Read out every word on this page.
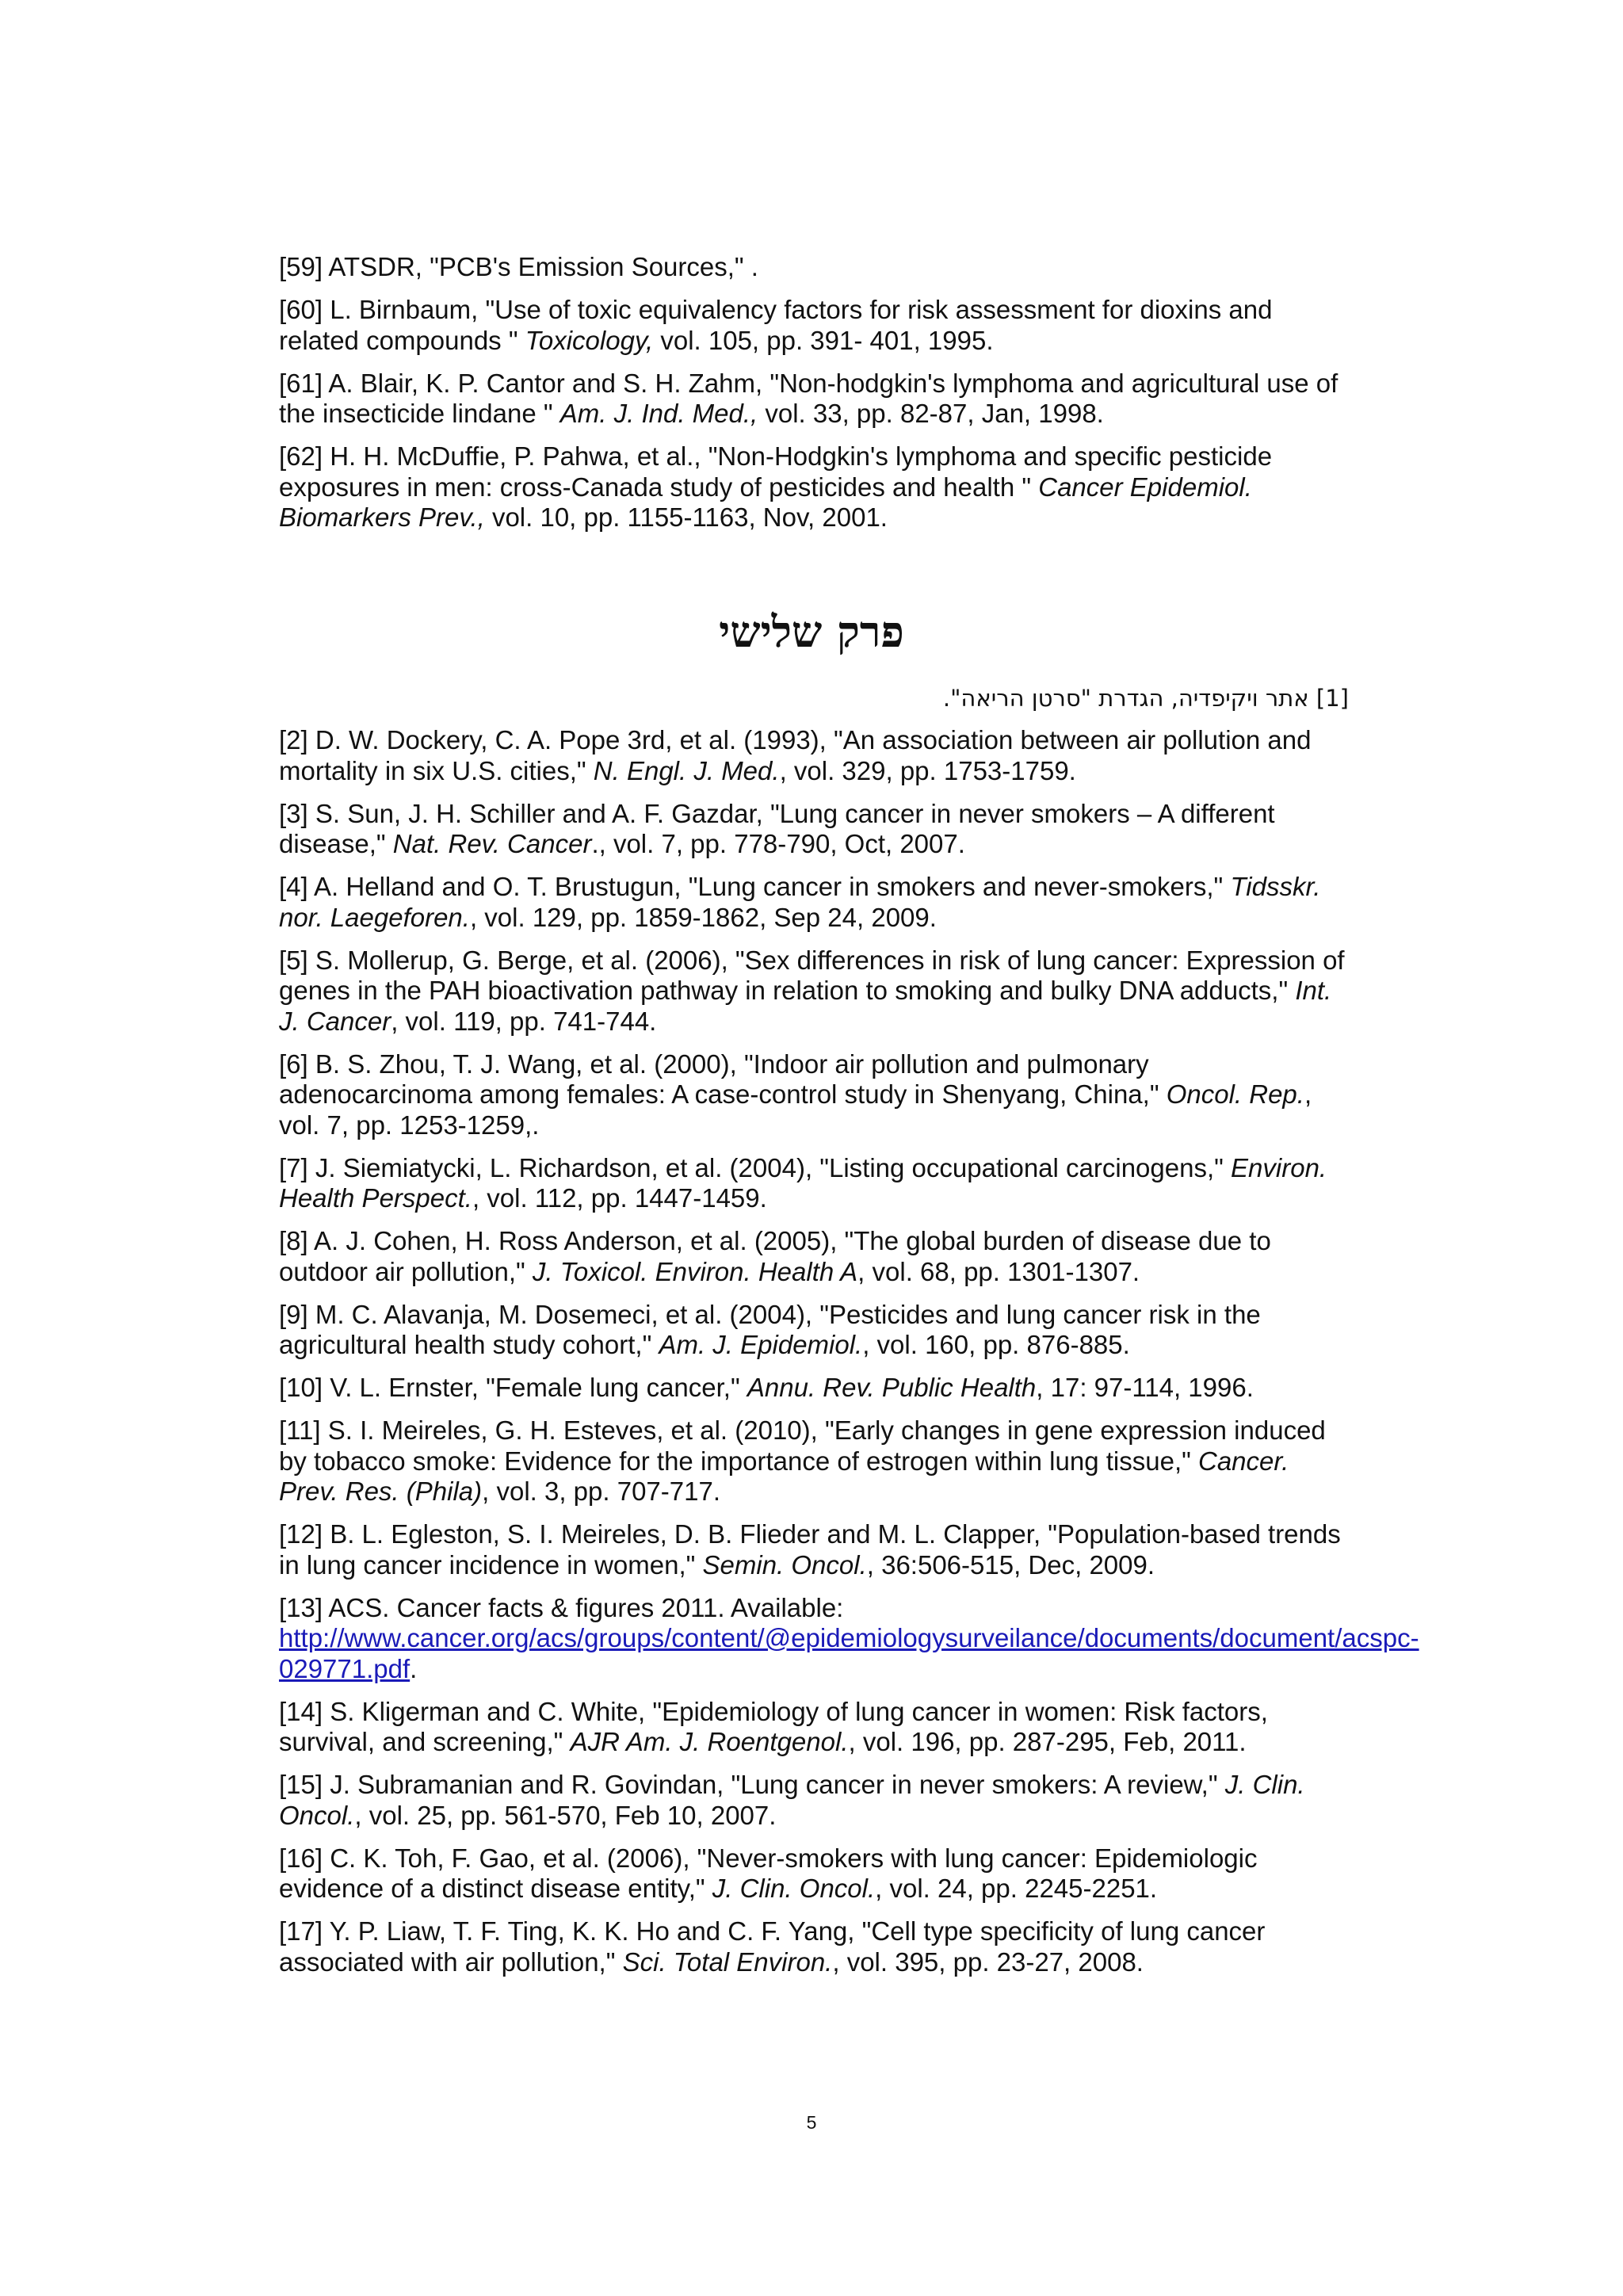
[59] ATSDR, "PCB's Emission Sources," .

[60] L. Birnbaum, "Use of toxic equivalency factors for risk assessment for dioxins and related compounds " Toxicology, vol. 105, pp. 391- 401, 1995.

[61] A. Blair, K. P. Cantor and S. H. Zahm, "Non-hodgkin's lymphoma and agricultural use of the insecticide lindane " Am. J. Ind. Med., vol. 33, pp. 82-87, Jan, 1998.

[62] H. H. McDuffie, P. Pahwa, et al., "Non-Hodgkin's lymphoma and specific pesticide exposures in men: cross-Canada study of pesticides and health " Cancer Epidemiol. Biomarkers Prev., vol. 10, pp. 1155-1163, Nov, 2001.

פרק שלישי
[1] אתר ויקיפדיה, הגדרת "סרטן הריאה".

[2] D. W. Dockery, C. A. Pope 3rd, et al. (1993), "An association between air pollution and mortality in six U.S. cities," N. Engl. J. Med., vol. 329, pp. 1753-1759.

[3] S. Sun, J. H. Schiller and A. F. Gazdar, "Lung cancer in never smokers – A different disease," Nat. Rev. Cancer., vol. 7, pp. 778-790, Oct, 2007.

[4] A. Helland and O. T. Brustugun, "Lung cancer in smokers and never-smokers," Tidsskr. nor. Laegeforen., vol. 129, pp. 1859-1862, Sep 24, 2009.

[5] S. Mollerup, G. Berge, et al. (2006), "Sex differences in risk of lung cancer: Expression of genes in the PAH bioactivation pathway in relation to smoking and bulky DNA adducts," Int. J. Cancer, vol. 119, pp. 741-744.

[6] B. S. Zhou, T. J. Wang, et al. (2000), "Indoor air pollution and pulmonary adenocarcinoma among females: A case-control study in Shenyang, China," Oncol. Rep., vol. 7, pp. 1253-1259,.

[7] J. Siemiatycki, L. Richardson, et al. (2004), "Listing occupational carcinogens," Environ. Health Perspect., vol. 112, pp. 1447-1459.

[8] A. J. Cohen, H. Ross Anderson, et al. (2005), "The global burden of disease due to outdoor air pollution," J. Toxicol. Environ. Health A, vol. 68, pp. 1301-1307.

[9] M. C. Alavanja, M. Dosemeci, et al. (2004), "Pesticides and lung cancer risk in the agricultural health study cohort," Am. J. Epidemiol., vol. 160, pp. 876-885.

[10] V. L. Ernster, "Female lung cancer," Annu. Rev. Public Health, 17: 97-114, 1996.

[11] S. I. Meireles, G. H. Esteves, et al. (2010), "Early changes in gene expression induced by tobacco smoke: Evidence for the importance of estrogen within lung tissue," Cancer. Prev. Res. (Phila), vol. 3, pp. 707-717.

[12] B. L. Egleston, S. I. Meireles, D. B. Flieder and M. L. Clapper, "Population-based trends in lung cancer incidence in women," Semin. Oncol., 36:506-515, Dec, 2009.

[13] ACS. Cancer facts & figures 2011. Available: http://www.cancer.org/acs/groups/content/@epidemiologysurveilance/documents/document/acspc-029771.pdf.

[14] S. Kligerman and C. White, "Epidemiology of lung cancer in women: Risk factors, survival, and screening," AJR Am. J. Roentgenol., vol. 196, pp. 287-295, Feb, 2011.

[15] J. Subramanian and R. Govindan, "Lung cancer in never smokers: A review," J. Clin. Oncol., vol. 25, pp. 561-570, Feb 10, 2007.

[16] C. K. Toh, F. Gao, et al. (2006), "Never-smokers with lung cancer: Epidemiologic evidence of a distinct disease entity," J. Clin. Oncol., vol. 24, pp. 2245-2251.

[17] Y. P. Liaw, T. F. Ting, K. K. Ho and C. F. Yang, "Cell type specificity of lung cancer associated with air pollution," Sci. Total Environ., vol. 395, pp. 23-27, 2008.

5
